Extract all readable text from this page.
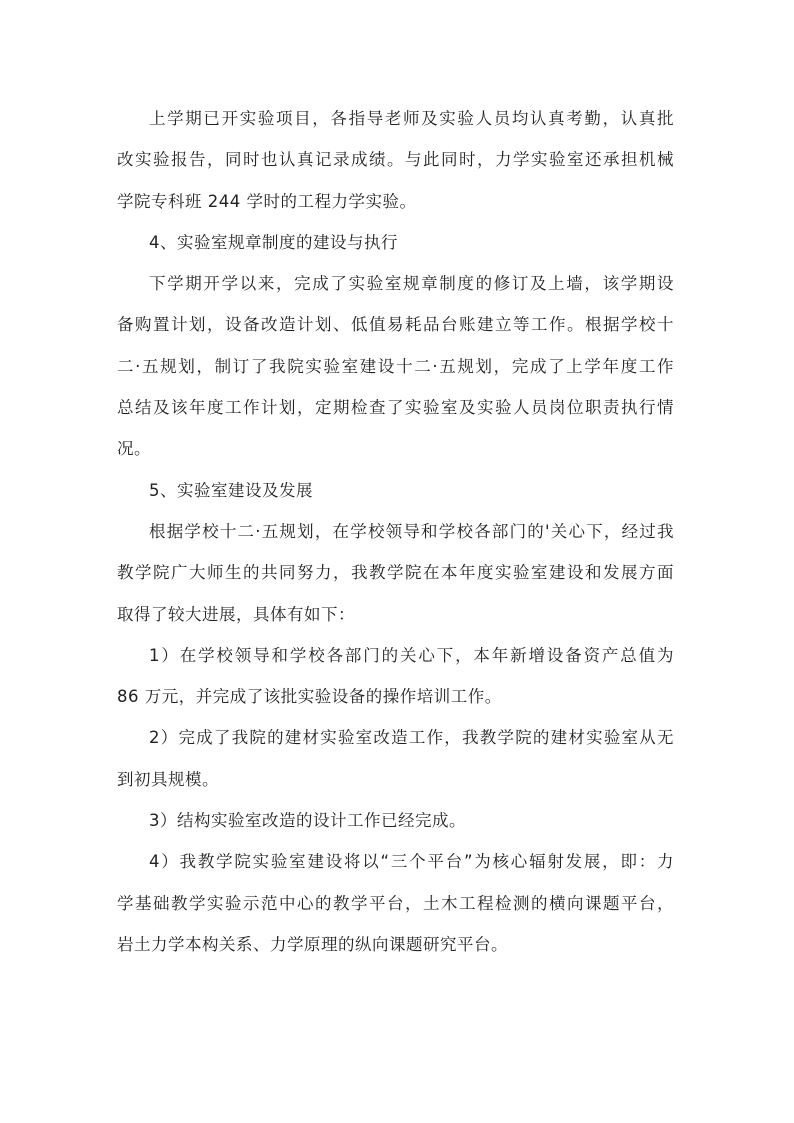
上学期已开实验项目，各指导老师及实验人员均认真考勤，认真批
改实验报告，同时也认真记录成绩。与此同时，力学实验室还承担机械
学院专科班 244 学时的工程力学实验。

4、实验室规章制度的建设与执行

下学期开学以来，完成了实验室规章制度的修订及上墙，该学期设
备购置计划，设备改造计划、低值易耗品台账建立等工作。根据学校十
二·五规划，制订了我院实验室建设十二·五规划，完成了上学年度工作
总结及该年度工作计划，定期检查了实验室及实验人员岗位职责执行情
况。

5、实验室建设及发展

根据学校十二·五规划，在学校领导和学校各部门的'关心下，经过我
教学院广大师生的共同努力，我教学院在本年度实验室建设和发展方面
取得了较大进展，具体有如下：

1）在学校领导和学校各部门的关心下，本年新增设备资产总值为
86 万元，并完成了该批实验设备的操作培训工作。

2）完成了我院的建材实验室改造工作，我教学院的建材实验室从无
到初具规模。

3）结构实验室改造的设计工作已经完成。

4）我教学院实验室建设将以“三个平台”为核心辐射发展，即：力
学基础教学实验示范中心的教学平台，土木工程检测的横向课题平台，
岩土力学本构关系、力学原理的纵向课题研究平台。
